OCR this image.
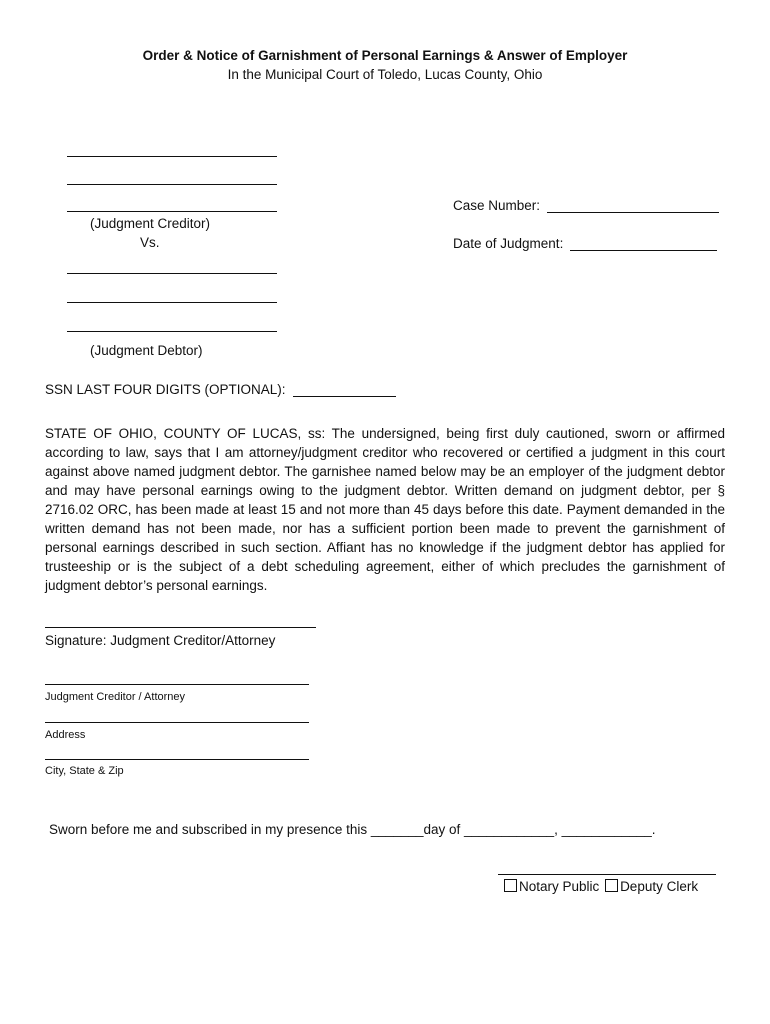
Order & Notice of Garnishment of Personal Earnings & Answer of Employer
In the Municipal Court of Toledo, Lucas County, Ohio
(Judgment Creditor)
Vs.
Case Number:
Date of Judgment:
(Judgment Debtor)
SSN LAST FOUR DIGITS (OPTIONAL):
STATE OF OHIO, COUNTY OF LUCAS, ss: The undersigned, being first duly cautioned, sworn or affirmed according to law, says that I am attorney/judgment creditor who recovered or certified a judgment in this court against above named judgment debtor. The garnishee named below may be an employer of the judgment debtor and may have personal earnings owing to the judgment debtor. Written demand on judgment debtor, per § 2716.02 ORC, has been made at least 15 and not more than 45 days before this date. Payment demanded in the written demand has not been made, nor has a sufficient portion been made to prevent the garnishment of personal earnings described in such section. Affiant has no knowledge if the judgment debtor has applied for trusteeship or is the subject of a debt scheduling agreement, either of which precludes the garnishment of judgment debtor’s personal earnings.
Signature: Judgment Creditor/Attorney
Judgment Creditor / Attorney
Address
City, State & Zip
Sworn before me and subscribed in my presence this _______day of ____________, ____________.
Notary Public Deputy Clerk
